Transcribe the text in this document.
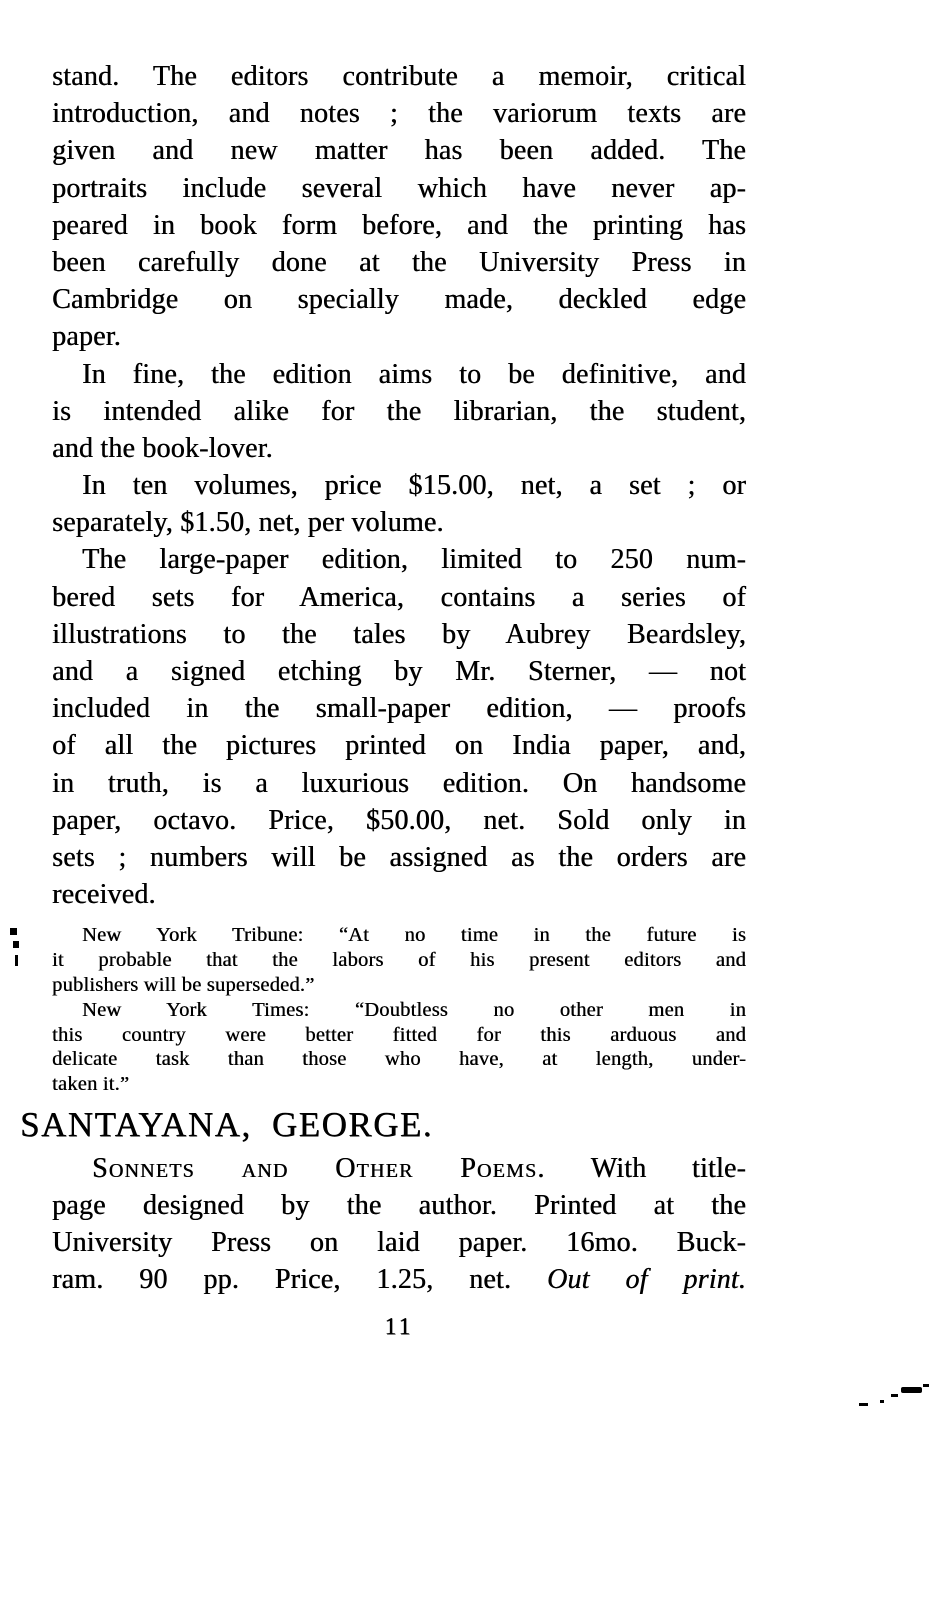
stand. The editors contribute a memoir, critical
introduction, and notes ; the variorum texts are
given and new matter has been added. The
portraits include several which have never ap-
peared in book form before, and the printing has
been carefully done at the University Press in
Cambridge on specially made, deckled edge
paper.
In fine, the edition aims to be definitive, and
is intended alike for the librarian, the student,
and the book-lover.
In ten volumes, price $15.00, net, a set ; or
separately, $1.50, net, per volume.
The large-paper edition, limited to 250 num-
bered sets for America, contains a series of
illustrations to the tales by Aubrey Beardsley,
and a signed etching by Mr. Sterner, — not
included in the small-paper edition, — proofs
of all the pictures printed on India paper, and,
in truth, is a luxurious edition. On handsome
paper, octavo. Price, $50.00, net. Sold only in
sets ; numbers will be assigned as the orders are
received.
New York Tribune: “At no time in the future is
it probable that the labors of his present editors and
publishers will be superseded.”
New York Times: “Doubtless no other men in
this country were better fitted for this arduous and
delicate task than those who have, at length, under-
taken it.”
SANTAYANA, GEORGE.
Sonnets and Other Poems. With title-
page designed by the author. Printed at the
University Press on laid paper. 16mo. Buck-
ram. 90 pp. Price, 1.25, net. Out of print.
11
